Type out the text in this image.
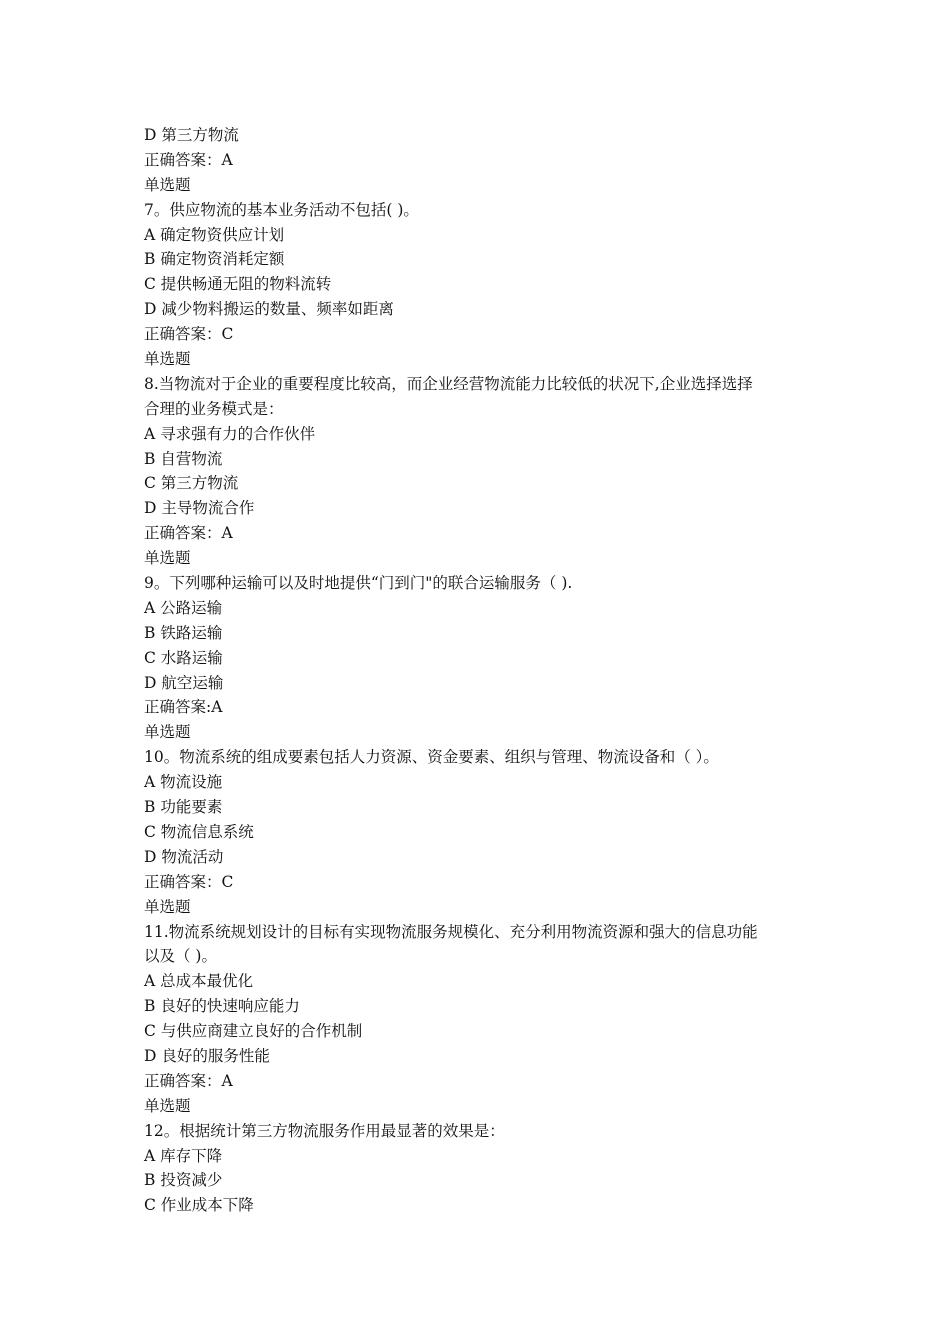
D 第三方物流
正确答案：A
单选题
7。供应物流的基本业务活动不包括( )。
A 确定物资供应计划
B 确定物资消耗定额
C 提供畅通无阻的物料流转
D 减少物料搬运的数量、频率如距离
正确答案：C
单选题
8.当物流对于企业的重要程度比较高，而企业经营物流能力比较低的状况下,企业选择选择
合理的业务模式是：
A 寻求强有力的合作伙伴
B 自营物流
C 第三方物流
D 主导物流合作
正确答案：A
单选题
9。下列哪种运输可以及时地提供“门到门"的联合运输服务（ ).
A 公路运输
B 铁路运输
C 水路运输
D 航空运输
正确答案:A
单选题
10。物流系统的组成要素包括人力资源、资金要素、组织与管理、物流设备和（ ）。
A 物流设施
B 功能要素
C 物流信息系统
D 物流活动
正确答案：C
单选题
11.物流系统规划设计的目标有实现物流服务规模化、充分利用物流资源和强大的信息功能
以及（ )。
A 总成本最优化
B 良好的快速响应能力
C 与供应商建立良好的合作机制
D 良好的服务性能
正确答案：A
单选题
12。根据统计第三方物流服务作用最显著的效果是：
A 库存下降
B 投资减少
C 作业成本下降
